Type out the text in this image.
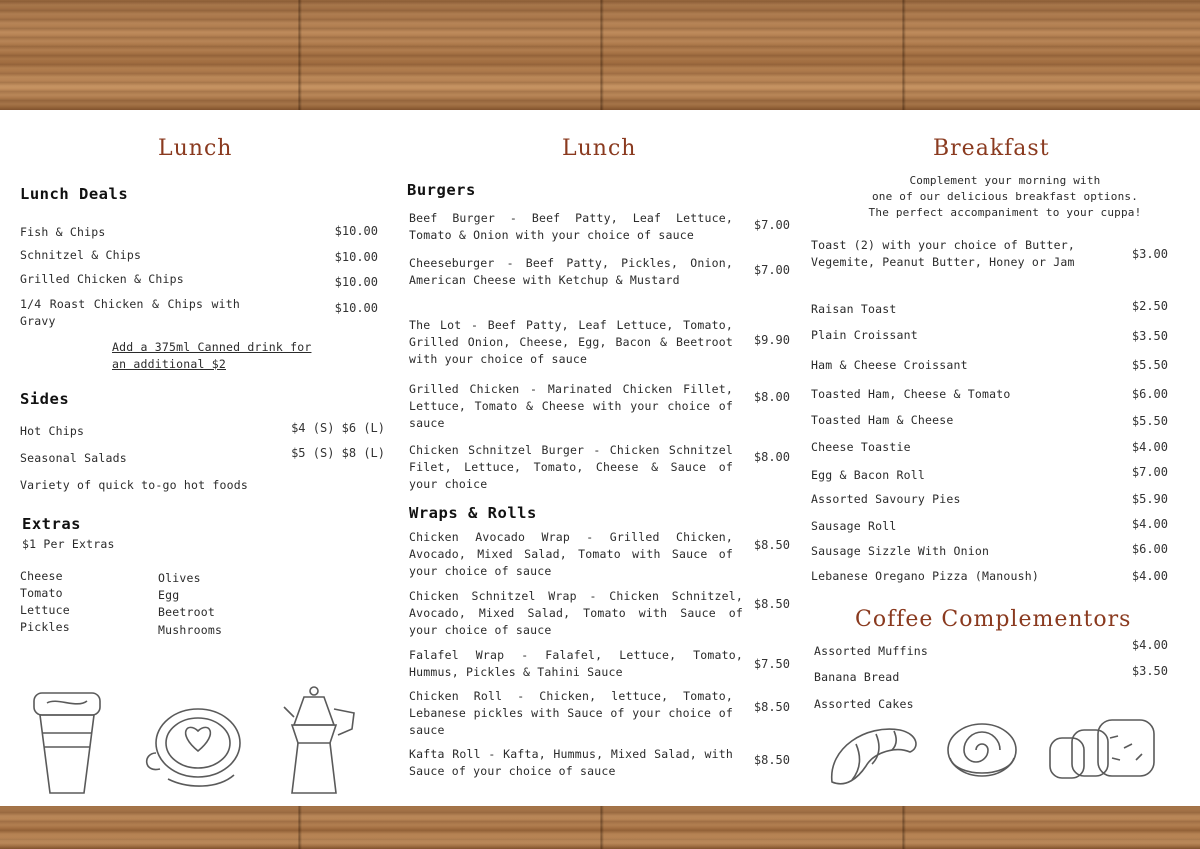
Lunch
Lunch Deals
Fish & Chips	$10.00
Schnitzel & Chips	$10.00
Grilled Chicken & Chips	$10.00
1/4 Roast Chicken & Chips with Gravy
$10.00
Add a 375ml Canned drink for an additional $2
Sides
Hot Chips	$4 (S) $6 (L)
Seasonal Salads	$5 (S) $8 (L)
Variety of quick to-go hot foods
Extras
$1 Per Extras
Cheese
Tomato
Lettuce
Pickles
Olives
Egg
Beetroot
Mushrooms
Lunch
Burgers
Beef Burger - Beef Patty, Leaf Lettuce, Tomato & Onion with your choice of sauce
$7.00
Cheeseburger - Beef Patty, Pickles, Onion, American Cheese with Ketchup & Mustard
$7.00
The Lot - Beef Patty, Leaf Lettuce, Tomato, Grilled Onion, Cheese, Egg, Bacon & Beetroot with your choice of sauce
$9.90
Grilled Chicken - Marinated Chicken Fillet, Lettuce, Tomato & Cheese with your choice of sauce
$8.00
Chicken Schnitzel Burger - Chicken Schnitzel Filet, Lettuce, Tomato, Cheese & Sauce of your choice
$8.00
Wraps & Rolls
Chicken Avocado Wrap - Grilled Chicken, Avocado, Mixed Salad, Tomato with Sauce of your choice of sauce
$8.50
Chicken Schnitzel Wrap - Chicken Schnitzel, Avocado, Mixed Salad, Tomato with Sauce of your choice of sauce
$8.50
Falafel Wrap - Falafel, Lettuce, Tomato, Hummus, Pickles & Tahini Sauce
$7.50
Chicken Roll - Chicken, lettuce, Tomato, Lebanese pickles with Sauce of your choice of sauce
$8.50
Kafta Roll - Kafta, Hummus, Mixed Salad, with Sauce of your choice of sauce
$8.50
Breakfast
Complement your morning with
one of our delicious breakfast options.
The perfect accompaniment to your cuppa!
Toast (2) with your choice of Butter, Vegemite, Peanut Butter, Honey or Jam
$3.00
Raisan Toast	$2.50
Plain Croissant	$3.50
Ham & Cheese Croissant	$5.50
Toasted Ham, Cheese & Tomato	$6.00
Toasted Ham & Cheese	$5.50
Cheese Toastie	$4.00
Egg & Bacon Roll	$7.00
Assorted Savoury Pies	$5.90
Sausage Roll	$4.00
Sausage Sizzle With Onion	$6.00
Lebanese Oregano Pizza (Manoush)	$4.00
Coffee Complementors
Assorted Muffins	$4.00
Banana Bread	$3.50
Assorted Cakes
